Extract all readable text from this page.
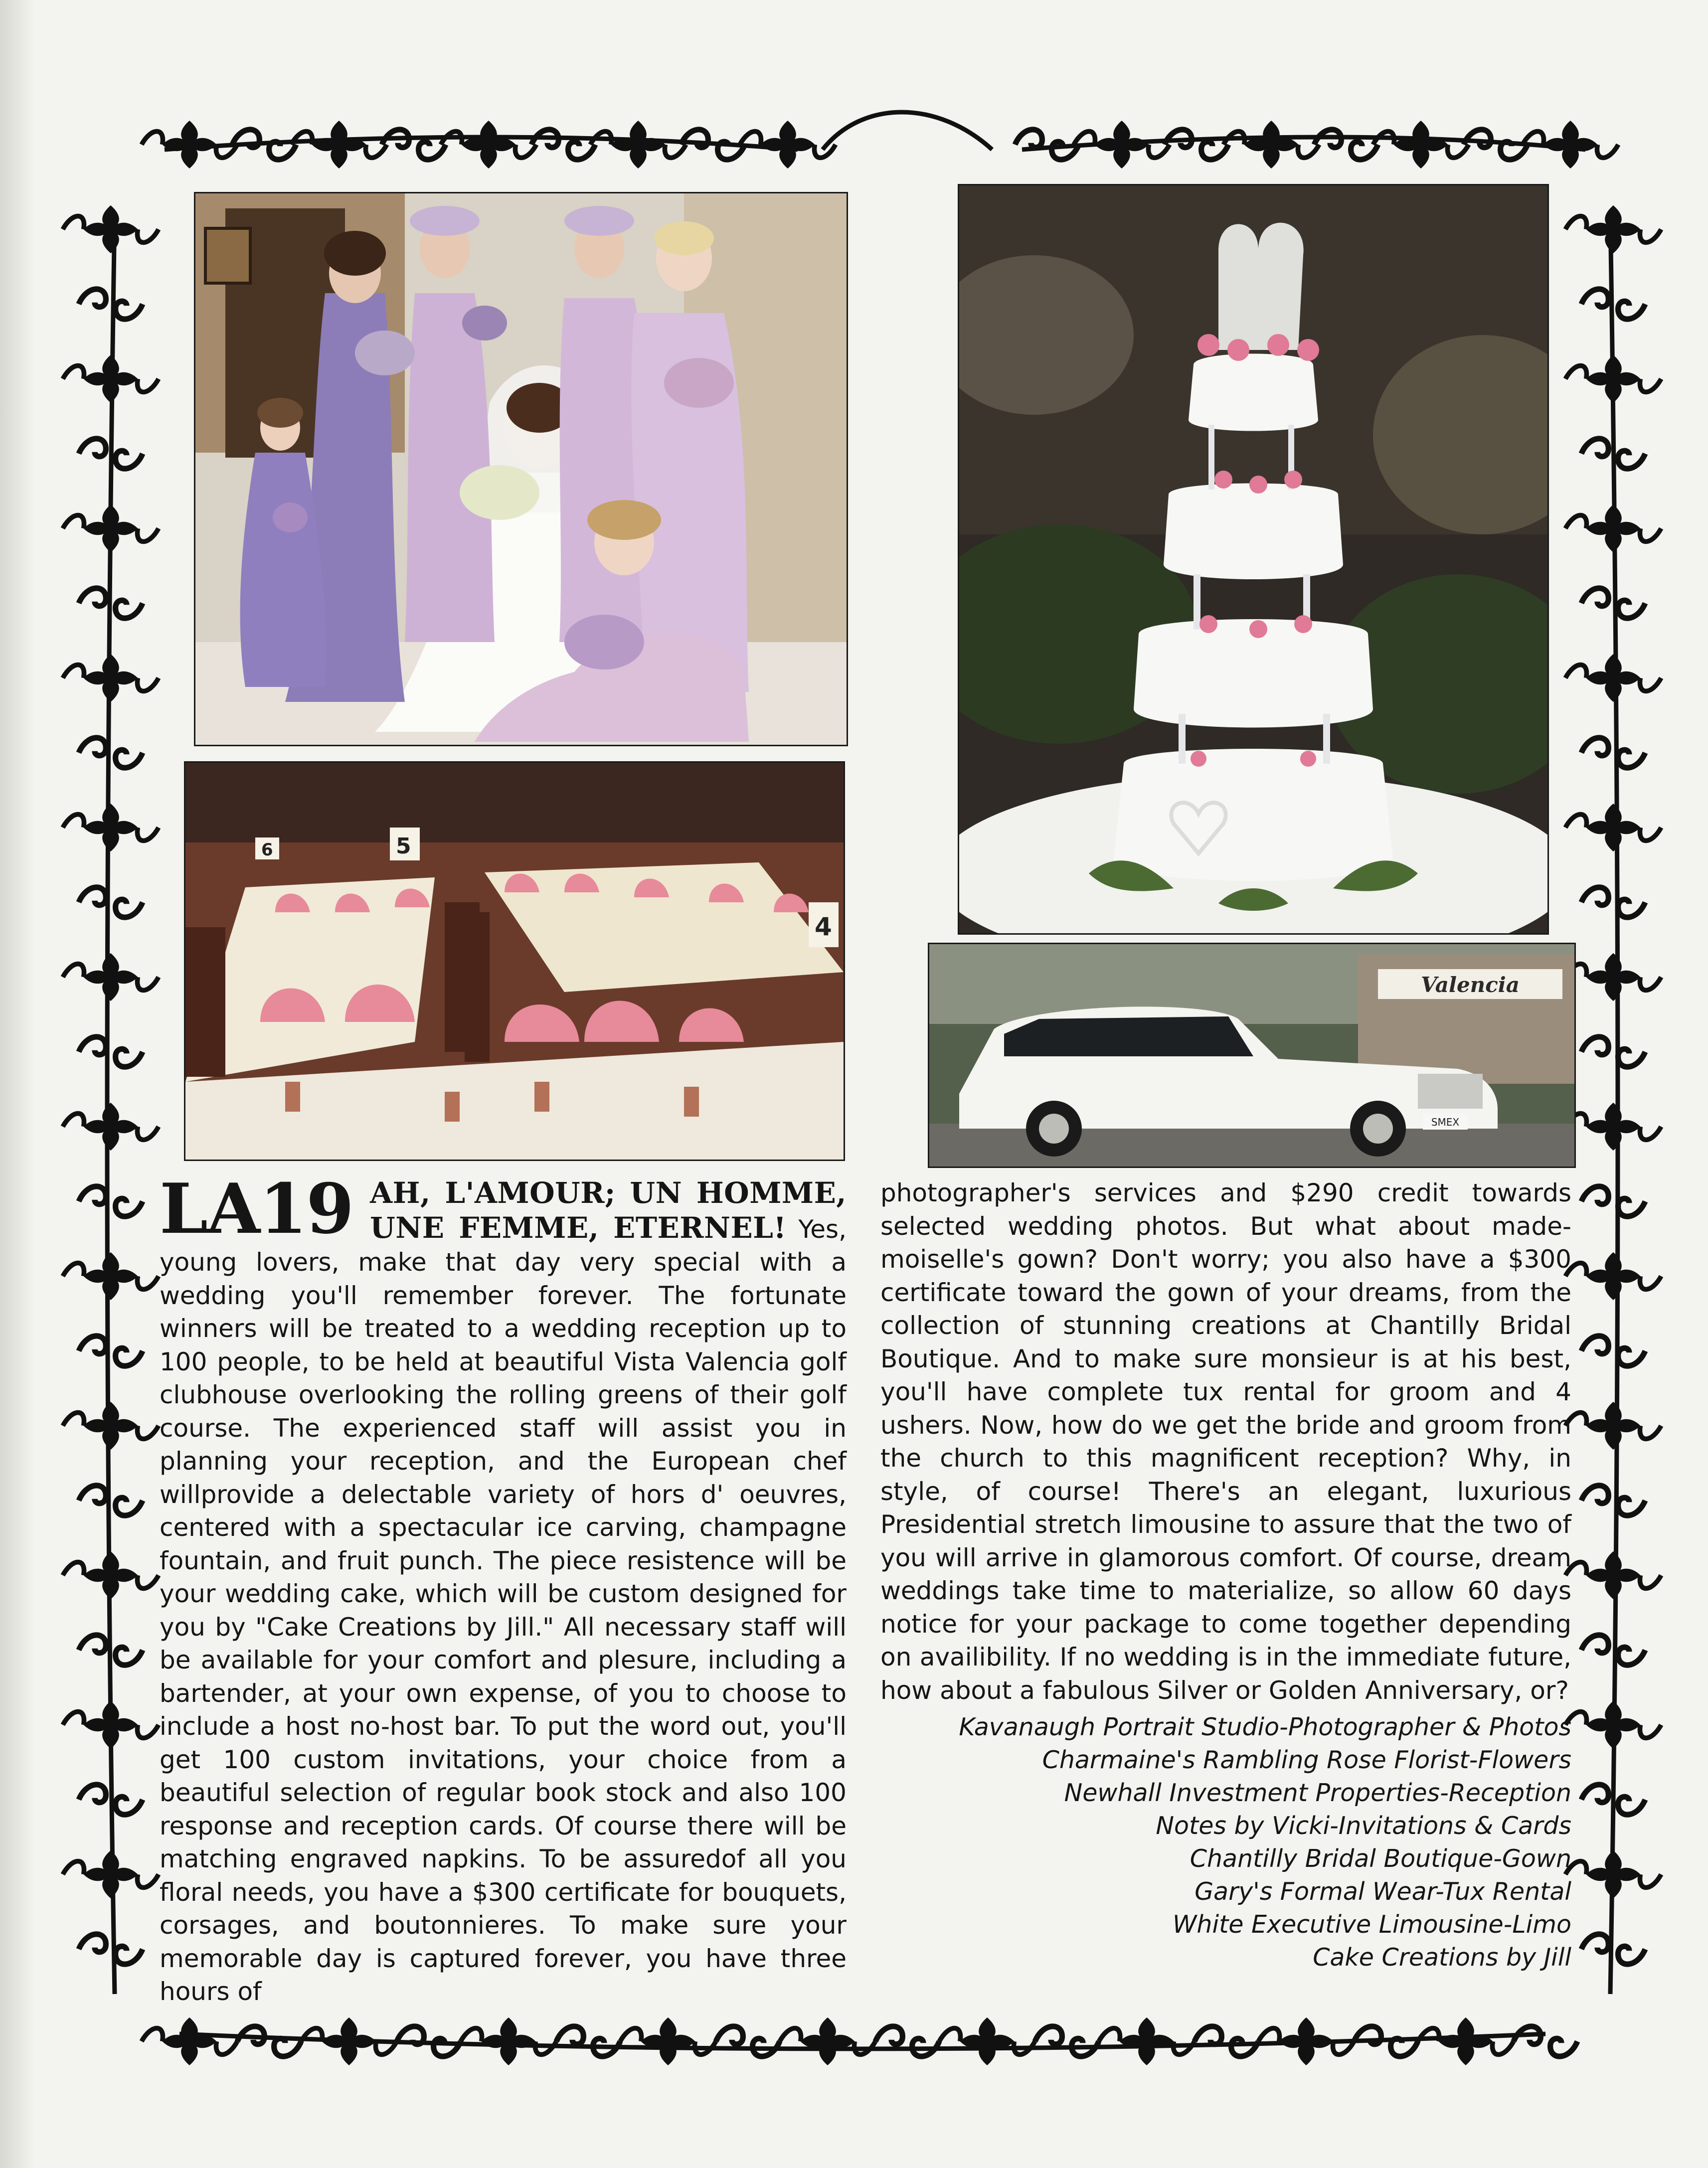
6	5
4
Valencia
SMEX
LA19 AH, L'AMOUR; UN HOMME, UNE FEMME, ETERNEL! Yes, young lovers, make that day very special with a wedding you'll remember forever. The fortunate winners will be treated to a wedding reception up to 100 people, to be held at beautiful Vista Valencia golf clubhouse overlooking the rolling greens of their golf course. The experienced staff will assist you in planning your reception, and the European chef willprovide a delectable variety of hors d' oeuvres, centered with a spectacular ice carving, champagne fountain, and fruit punch. The piece resistence will be your wedding cake, which will be custom designed for you by "Cake Creations by Jill." All necessary staff will be available for your comfort and plesure, including a bartender, at your own expense, of you to choose to include a host no-host bar. To put the word out, you'll get 100 custom invitations, your choice from a beautiful selection of regular book stock and also 100 response and reception cards. Of course there will be matching engraved napkins. To be assuredof all you floral needs, you have a $300 certificate for bouquets, corsages, and boutonnieres. To make sure your memorable day is captured forever, you have three hours of
photographer's services and $290 credit towards selected wedding photos. But what about made-moiselle's gown? Don't worry; you also have a $300 certificate toward the gown of your dreams, from the collection of stunning creations at Chantilly Bridal Boutique. And to make sure monsieur is at his best, you'll have complete tux rental for groom and 4 ushers. Now, how do we get the bride and groom from the church to this magnificent reception? Why, in style, of course! There's an elegant, luxurious Presidential stretch limousine to assure that the two of you will arrive in glamorous comfort. Of course, dream weddings take time to materialize, so allow 60 days notice for your package to come together depending on availibility. If no wedding is in the immediate future, how about a fabulous Silver or Golden Anniversary, or?
Kavanaugh Portrait Studio-Photographer & Photos
Charmaine's Rambling Rose Florist-Flowers
Newhall Investment Properties-Reception
Notes by Vicki-Invitations & Cards
Chantilly Bridal Boutique-Gown
Gary's Formal Wear-Tux Rental
White Executive Limousine-Limo
Cake Creations by Jill
